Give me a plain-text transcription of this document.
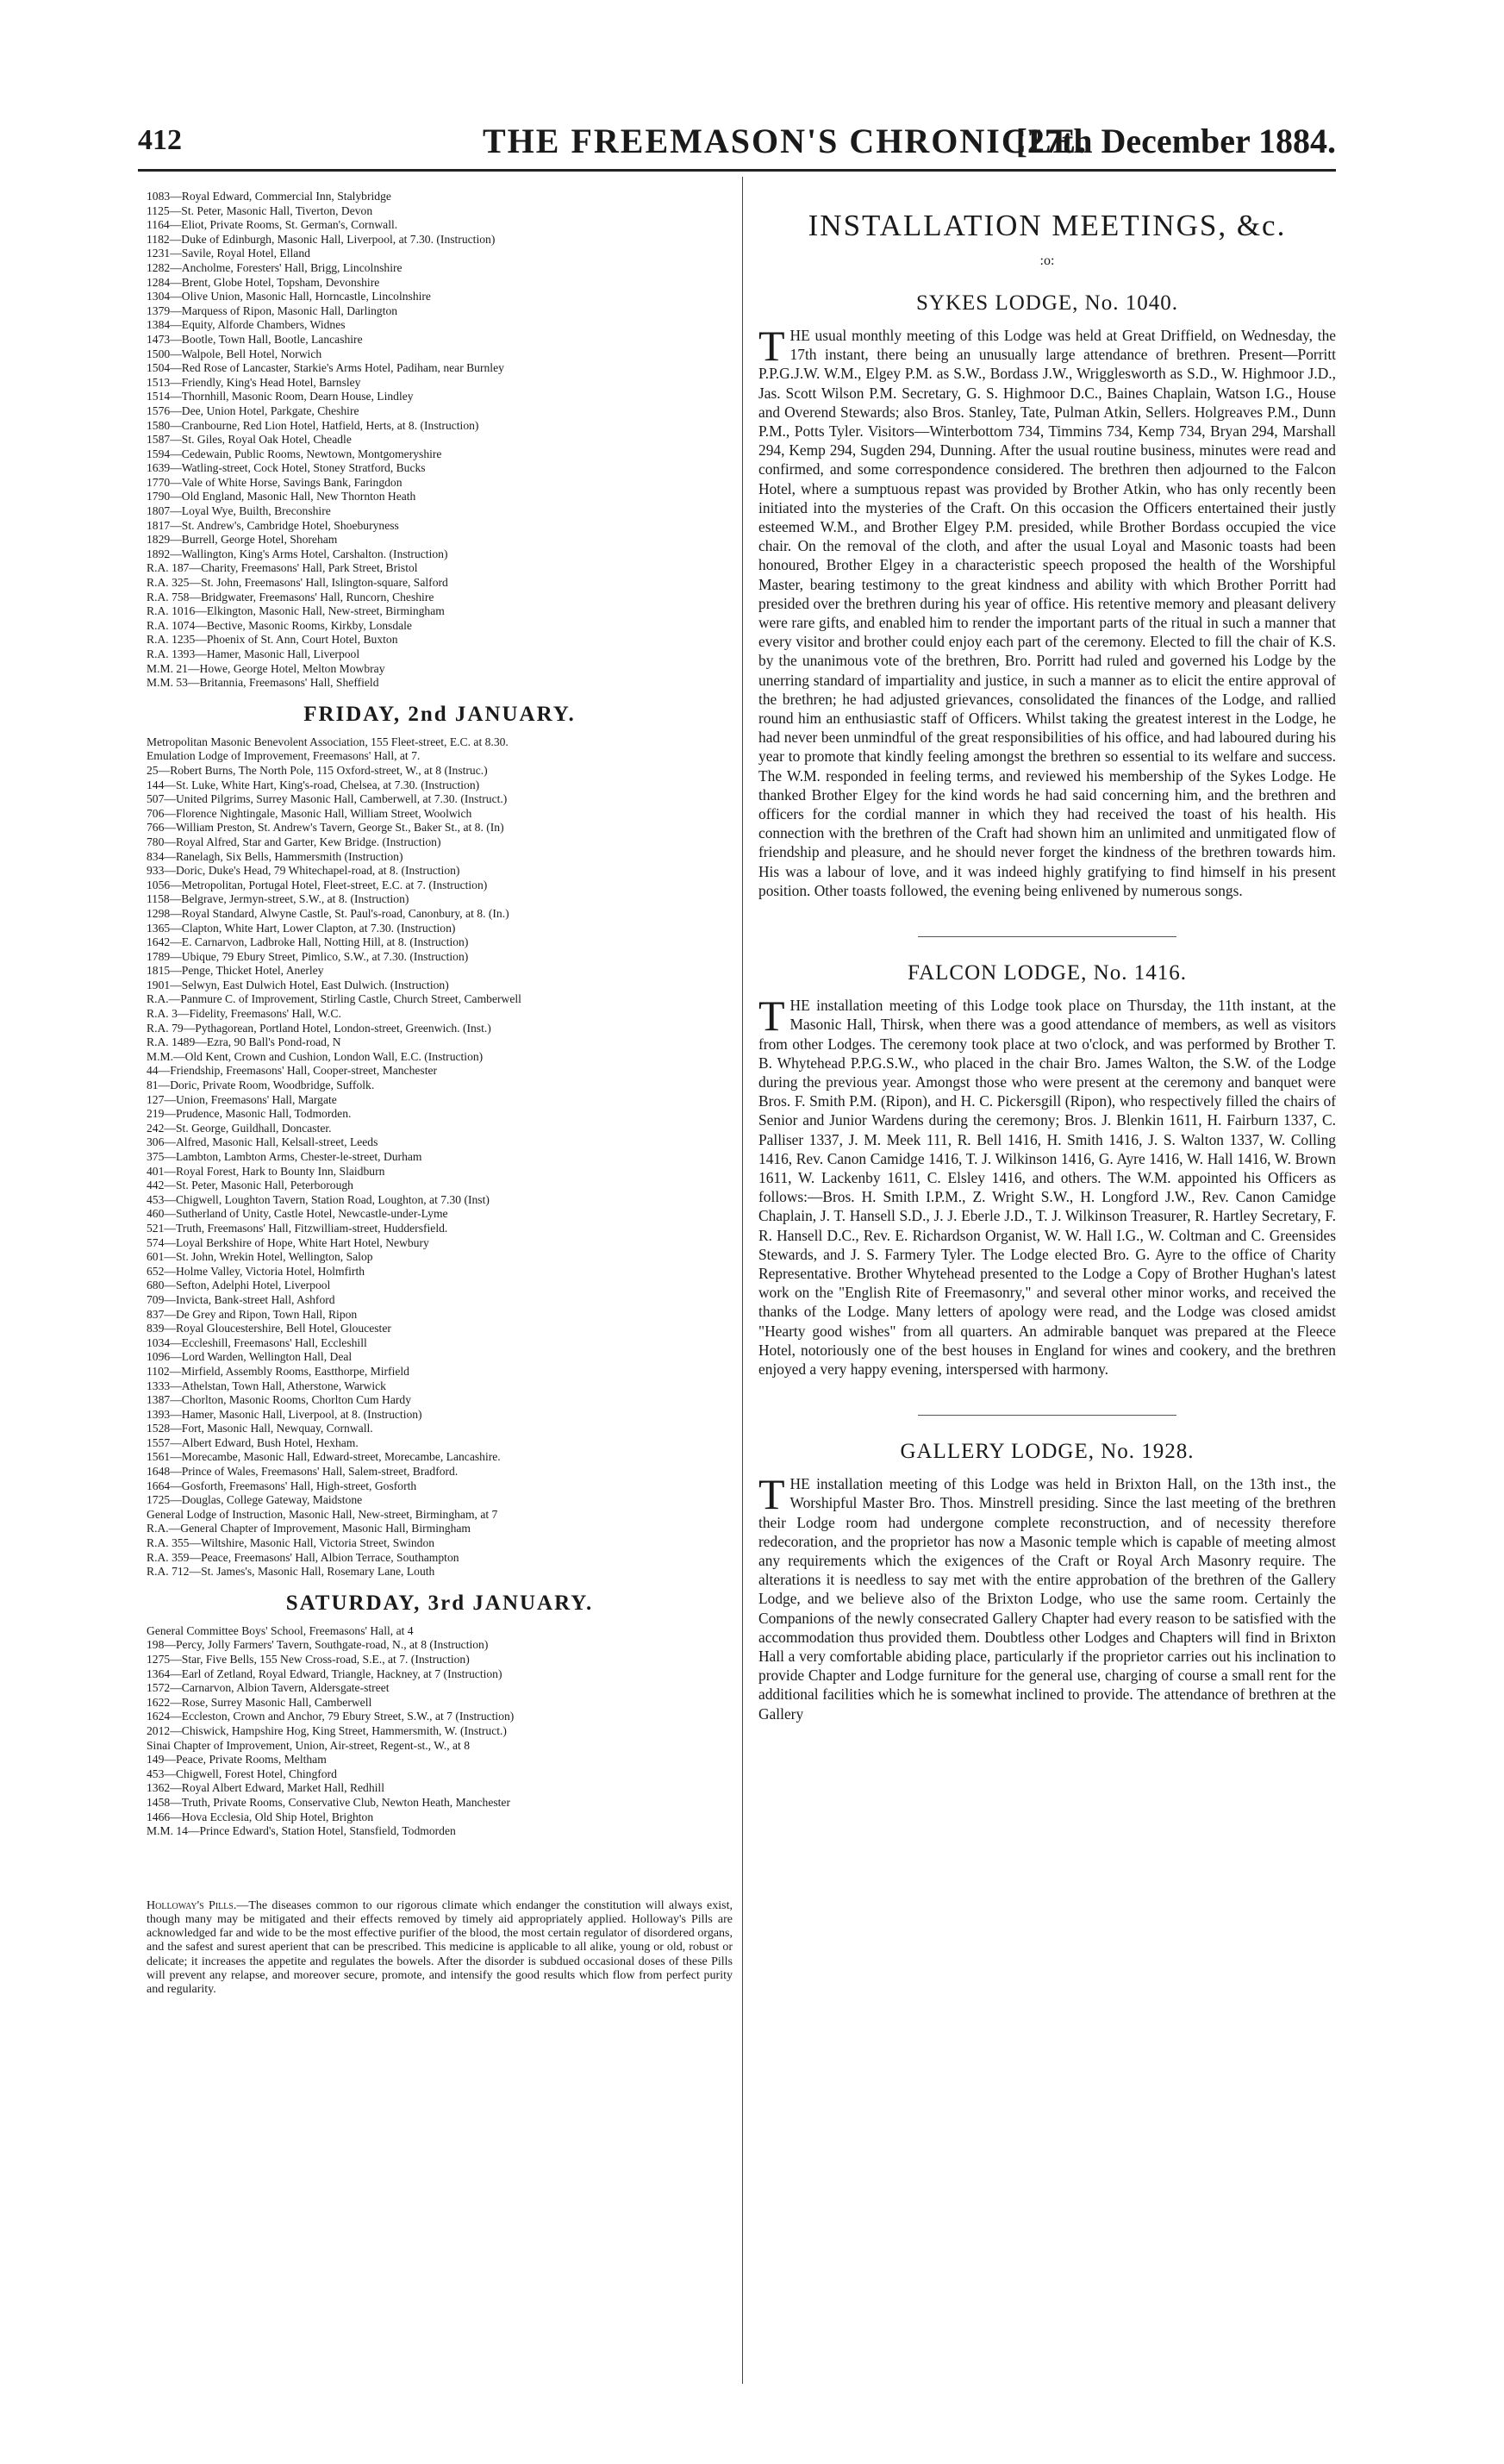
412	THE FREEMASON'S CHRONICLE.
[27th December 1884.
1083—Royal Edward, Commercial Inn, Stalybridge
1125—St. Peter, Masonic Hall, Tiverton, Devon
1164—Eliot, Private Rooms, St. German's, Cornwall.
1182—Duke of Edinburgh, Masonic Hall, Liverpool, at 7.30. (Instruction)
1231—Savile, Royal Hotel, Elland
1282—Ancholme, Foresters' Hall, Brigg, Lincolnshire
1284—Brent, Globe Hotel, Topsham, Devonshire
1304—Olive Union, Masonic Hall, Horncastle, Lincolnshire
1379—Marquess of Ripon, Masonic Hall, Darlington
1384—Equity, Alforde Chambers, Widnes
1473—Bootle, Town Hall, Bootle, Lancashire
1500—Walpole, Bell Hotel, Norwich
1504—Red Rose of Lancaster, Starkie's Arms Hotel, Padiham, near Burnley
1513—Friendly, King's Head Hotel, Barnsley
1514—Thornhill, Masonic Room, Dearn House, Lindley
1576—Dee, Union Hotel, Parkgate, Cheshire
1580—Cranbourne, Red Lion Hotel, Hatfield, Herts, at 8. (Instruction)
1587—St. Giles, Royal Oak Hotel, Cheadle
1594—Cedewain, Public Rooms, Newtown, Montgomeryshire
1639—Watling-street, Cock Hotel, Stoney Stratford, Bucks
1770—Vale of White Horse, Savings Bank, Faringdon
1790—Old England, Masonic Hall, New Thornton Heath
1807—Loyal Wye, Builth, Breconshire
1817—St. Andrew's, Cambridge Hotel, Shoeburyness
1829—Burrell, George Hotel, Shoreham
1892—Wallington, King's Arms Hotel, Carshalton. (Instruction)
R.A. 187—Charity, Freemasons' Hall, Park Street, Bristol
R.A. 325—St. John, Freemasons' Hall, Islington-square, Salford
R.A. 758—Bridgwater, Freemasons' Hall, Runcorn, Cheshire
R.A. 1016—Elkington, Masonic Hall, New-street, Birmingham
R.A. 1074—Bective, Masonic Rooms, Kirkby, Lonsdale
R.A. 1235—Phoenix of St. Ann, Court Hotel, Buxton
R.A. 1393—Hamer, Masonic Hall, Liverpool
M.M. 21—Howe, George Hotel, Melton Mowbray
M.M. 53—Britannia, Freemasons' Hall, Sheffield
FRIDAY, 2nd JANUARY.
Metropolitan Masonic Benevolent Association, 155 Fleet-street, E.C. at 8.30.
Emulation Lodge of Improvement, Freemasons' Hall, at 7.
25—Robert Burns, The North Pole, 115 Oxford-street, W., at 8 (Instruc.)
144—St. Luke, White Hart, King's-road, Chelsea, at 7.30. (Instruction)
507—United Pilgrims, Surrey Masonic Hall, Camberwell, at 7.30. (Instruct.)
706—Florence Nightingale, Masonic Hall, William Street, Woolwich
766—William Preston, St. Andrew's Tavern, George St., Baker St., at 8. (In)
780—Royal Alfred, Star and Garter, Kew Bridge. (Instruction)
834—Ranelagh, Six Bells, Hammersmith (Instruction)
933—Doric, Duke's Head, 79 Whitechapel-road, at 8. (Instruction)
1056—Metropolitan, Portugal Hotel, Fleet-street, E.C. at 7. (Instruction)
1158—Belgrave, Jermyn-street, S.W., at 8. (Instruction)
1298—Royal Standard, Alwyne Castle, St. Paul's-road, Canonbury, at 8. (In.)
1365—Clapton, White Hart, Lower Clapton, at 7.30. (Instruction)
1642—E. Carnarvon, Ladbroke Hall, Notting Hill, at 8. (Instruction)
1789—Ubique, 79 Ebury Street, Pimlico, S.W., at 7.30. (Instruction)
1815—Penge, Thicket Hotel, Anerley
1901—Selwyn, East Dulwich Hotel, East Dulwich. (Instruction)
R.A.—Panmure C. of Improvement, Stirling Castle, Church Street, Camberwell
R.A. 3—Fidelity, Freemasons' Hall, W.C.
R.A. 79—Pythagorean, Portland Hotel, London-street, Greenwich. (Inst.)
R.A. 1489—Ezra, 90 Ball's Pond-road, N
M.M.—Old Kent, Crown and Cushion, London Wall, E.C. (Instruction)
44—Friendship, Freemasons' Hall, Cooper-street, Manchester
81—Doric, Private Room, Woodbridge, Suffolk.
127—Union, Freemasons' Hall, Margate
219—Prudence, Masonic Hall, Todmorden.
242—St. George, Guildhall, Doncaster.
306—Alfred, Masonic Hall, Kelsall-street, Leeds
375—Lambton, Lambton Arms, Chester-le-street, Durham
401—Royal Forest, Hark to Bounty Inn, Slaidburn
442—St. Peter, Masonic Hall, Peterborough
453—Chigwell, Loughton Tavern, Station Road, Loughton, at 7.30 (Inst)
460—Sutherland of Unity, Castle Hotel, Newcastle-under-Lyme
521—Truth, Freemasons' Hall, Fitzwilliam-street, Huddersfield.
574—Loyal Berkshire of Hope, White Hart Hotel, Newbury
601—St. John, Wrekin Hotel, Wellington, Salop
652—Holme Valley, Victoria Hotel, Holmfirth
680—Sefton, Adelphi Hotel, Liverpool
709—Invicta, Bank-street Hall, Ashford
837—De Grey and Ripon, Town Hall, Ripon
839—Royal Gloucestershire, Bell Hotel, Gloucester
1034—Eccleshill, Freemasons' Hall, Eccleshill
1096—Lord Warden, Wellington Hall, Deal
1102—Mirfield, Assembly Rooms, Eastthorpe, Mirfield
1333—Athelstan, Town Hall, Atherstone, Warwick
1387—Chorlton, Masonic Rooms, Chorlton Cum Hardy
1393—Hamer, Masonic Hall, Liverpool, at 8. (Instruction)
1528—Fort, Masonic Hall, Newquay, Cornwall.
1557—Albert Edward, Bush Hotel, Hexham.
1561—Morecambe, Masonic Hall, Edward-street, Morecambe, Lancashire.
1648—Prince of Wales, Freemasons' Hall, Salem-street, Bradford.
1664—Gosforth, Freemasons' Hall, High-street, Gosforth
1725—Douglas, College Gateway, Maidstone
General Lodge of Instruction, Masonic Hall, New-street, Birmingham, at 7
R.A.—General Chapter of Improvement, Masonic Hall, Birmingham
R.A. 355—Wiltshire, Masonic Hall, Victoria Street, Swindon
R.A. 359—Peace, Freemasons' Hall, Albion Terrace, Southampton
R.A. 712—St. James's, Masonic Hall, Rosemary Lane, Louth
SATURDAY, 3rd JANUARY.
General Committee Boys' School, Freemasons' Hall, at 4
198—Percy, Jolly Farmers' Tavern, Southgate-road, N., at 8 (Instruction)
1275—Star, Five Bells, 155 New Cross-road, S.E., at 7. (Instruction)
1364—Earl of Zetland, Royal Edward, Triangle, Hackney, at 7 (Instruction)
1572—Carnarvon, Albion Tavern, Aldersgate-street
1622—Rose, Surrey Masonic Hall, Camberwell
1624—Eccleston, Crown and Anchor, 79 Ebury Street, S.W., at 7 (Instruction)
2012—Chiswick, Hampshire Hog, King Street, Hammersmith, W. (Instruct.)
Sinai Chapter of Improvement, Union, Air-street, Regent-st., W., at 8
149—Peace, Private Rooms, Meltham
453—Chigwell, Forest Hotel, Chingford
1362—Royal Albert Edward, Market Hall, Redhill
1458—Truth, Private Rooms, Conservative Club, Newton Heath, Manchester
1466—Hova Ecclesia, Old Ship Hotel, Brighton
M.M. 14—Prince Edward's, Station Hotel, Stansfield, Todmorden
Holloway's Pills.—The diseases common to our rigorous climate which endanger the constitution will always exist, though many may be mitigated and their effects removed by timely aid appropriately applied. Holloway's Pills are acknowledged far and wide to be the most effective purifier of the blood, the most certain regulator of disordered organs, and the safest and surest aperient that can be prescribed. This medicine is applicable to all alike, young or old, robust or delicate; it increases the appetite and regulates the bowels. After the disorder is subdued occasional doses of these Pills will prevent any relapse, and moreover secure, promote, and intensify the good results which flow from perfect purity and regularity.
INSTALLATION MEETINGS, &c.
:o:
SYKES LODGE, No. 1040.

THE usual monthly meeting of this Lodge was held at Great Driffield, on Wednesday, the 17th instant, there being an unusually large attendance of brethren. Present—Porritt P.P.G.J.W. W.M., Elgey P.M. as S.W., Bordass J.W., Wrigglesworth as S.D., W. Highmoor J.D., Jas. Scott Wilson P.M. Secretary, G. S. Highmoor D.C., Baines Chaplain, Watson I.G., House and Overend Stewards; also Bros. Stanley, Tate, Pulman Atkin, Sellers. Holgreaves P.M., Dunn P.M., Potts Tyler. Visitors—Winterbottom 734, Timmins 734, Kemp 734, Bryan 294, Marshall 294, Kemp 294, Sugden 294, Dunning. After the usual routine business, minutes were read and confirmed, and some correspondence considered. The brethren then adjourned to the Falcon Hotel, where a sumptuous repast was provided by Brother Atkin, who has only recently been initiated into the mysteries of the Craft. On this occasion the Officers entertained their justly esteemed W.M., and Brother Elgey P.M. presided, while Brother Bordass occupied the vice chair. On the removal of the cloth, and after the usual Loyal and Masonic toasts had been honoured, Brother Elgey in a characteristic speech proposed the health of the Worshipful Master, bearing testimony to the great kindness and ability with which Brother Porritt had presided over the brethren during his year of office. His retentive memory and pleasant delivery were rare gifts, and enabled him to render the important parts of the ritual in such a manner that every visitor and brother could enjoy each part of the ceremony. Elected to fill the chair of K.S. by the unanimous vote of the brethren, Bro. Porritt had ruled and governed his Lodge by the unerring standard of impartiality and justice, in such a manner as to elicit the entire approval of the brethren; he had adjusted grievances, consolidated the finances of the Lodge, and rallied round him an enthusiastic staff of Officers. Whilst taking the greatest interest in the Lodge, he had never been unmindful of the great responsibilities of his office, and had laboured during his year to promote that kindly feeling amongst the brethren so essential to its welfare and success. The W.M. responded in feeling terms, and reviewed his membership of the Sykes Lodge. He thanked Brother Elgey for the kind words he had said concerning him, and the brethren and officers for the cordial manner in which they had received the toast of his health. His connection with the brethren of the Craft had shown him an unlimited and unmitigated flow of friendship and pleasure, and he should never forget the kindness of the brethren towards him. His was a labour of love, and it was indeed highly gratifying to find himself in his present position. Other toasts followed, the evening being enlivened by numerous songs.

FALCON LODGE, No. 1416.

THE installation meeting of this Lodge took place on Thursday, the 11th instant, at the Masonic Hall, Thirsk, when there was a good attendance of members, as well as visitors from other Lodges. The ceremony took place at two o'clock, and was performed by Brother T. B. Whytehead P.P.G.S.W., who placed in the chair Bro. James Walton, the S.W. of the Lodge during the previous year. Amongst those who were present at the ceremony and banquet were Bros. F. Smith P.M. (Ripon), and H. C. Pickersgill (Ripon), who respectively filled the chairs of Senior and Junior Wardens during the ceremony; Bros. J. Blenkin 1611, H. Fairburn 1337, C. Palliser 1337, J. M. Meek 111, R. Bell 1416, H. Smith 1416, J. S. Walton 1337, W. Colling 1416, Rev. Canon Camidge 1416, T. J. Wilkinson 1416, G. Ayre 1416, W. Hall 1416, W. Brown 1611, W. Lackenby 1611, C. Elsley 1416, and others. The W.M. appointed his Officers as follows:—Bros. H. Smith I.P.M., Z. Wright S.W., H. Longford J.W., Rev. Canon Camidge Chaplain, J. T. Hansell S.D., J. J. Eberle J.D., T. J. Wilkinson Treasurer, R. Hartley Secretary, F. R. Hansell D.C., Rev. E. Richardson Organist, W. W. Hall I.G., W. Coltman and C. Greensides Stewards, and J. S. Farmery Tyler. The Lodge elected Bro. G. Ayre to the office of Charity Representative. Brother Whytehead presented to the Lodge a Copy of Brother Hughan's latest work on the "English Rite of Freemasonry," and several other minor works, and received the thanks of the Lodge. Many letters of apology were read, and the Lodge was closed amidst "Hearty good wishes" from all quarters. An admirable banquet was prepared at the Fleece Hotel, notoriously one of the best houses in England for wines and cookery, and the brethren enjoyed a very happy evening, interspersed with harmony.

GALLERY LODGE, No. 1928.

THE installation meeting of this Lodge was held in Brixton Hall, on the 13th inst., the Worshipful Master Bro. Thos. Minstrell presiding. Since the last meeting of the brethren their Lodge room had undergone complete reconstruction, and of necessity therefore redecoration, and the proprietor has now a Masonic temple which is capable of meeting almost any requirements which the exigences of the Craft or Royal Arch Masonry require. The alterations it is needless to say met with the entire approbation of the brethren of the Gallery Lodge, and we believe also of the Brixton Lodge, who use the same room. Certainly the Companions of the newly consecrated Gallery Chapter had every reason to be satisfied with the accommodation thus provided them. Doubtless other Lodges and Chapters will find in Brixton Hall a very comfortable abiding place, particularly if the proprietor carries out his inclination to provide Chapter and Lodge furniture for the general use, charging of course a small rent for the additional facilities which he is somewhat inclined to provide. The attendance of brethren at the Gallery
